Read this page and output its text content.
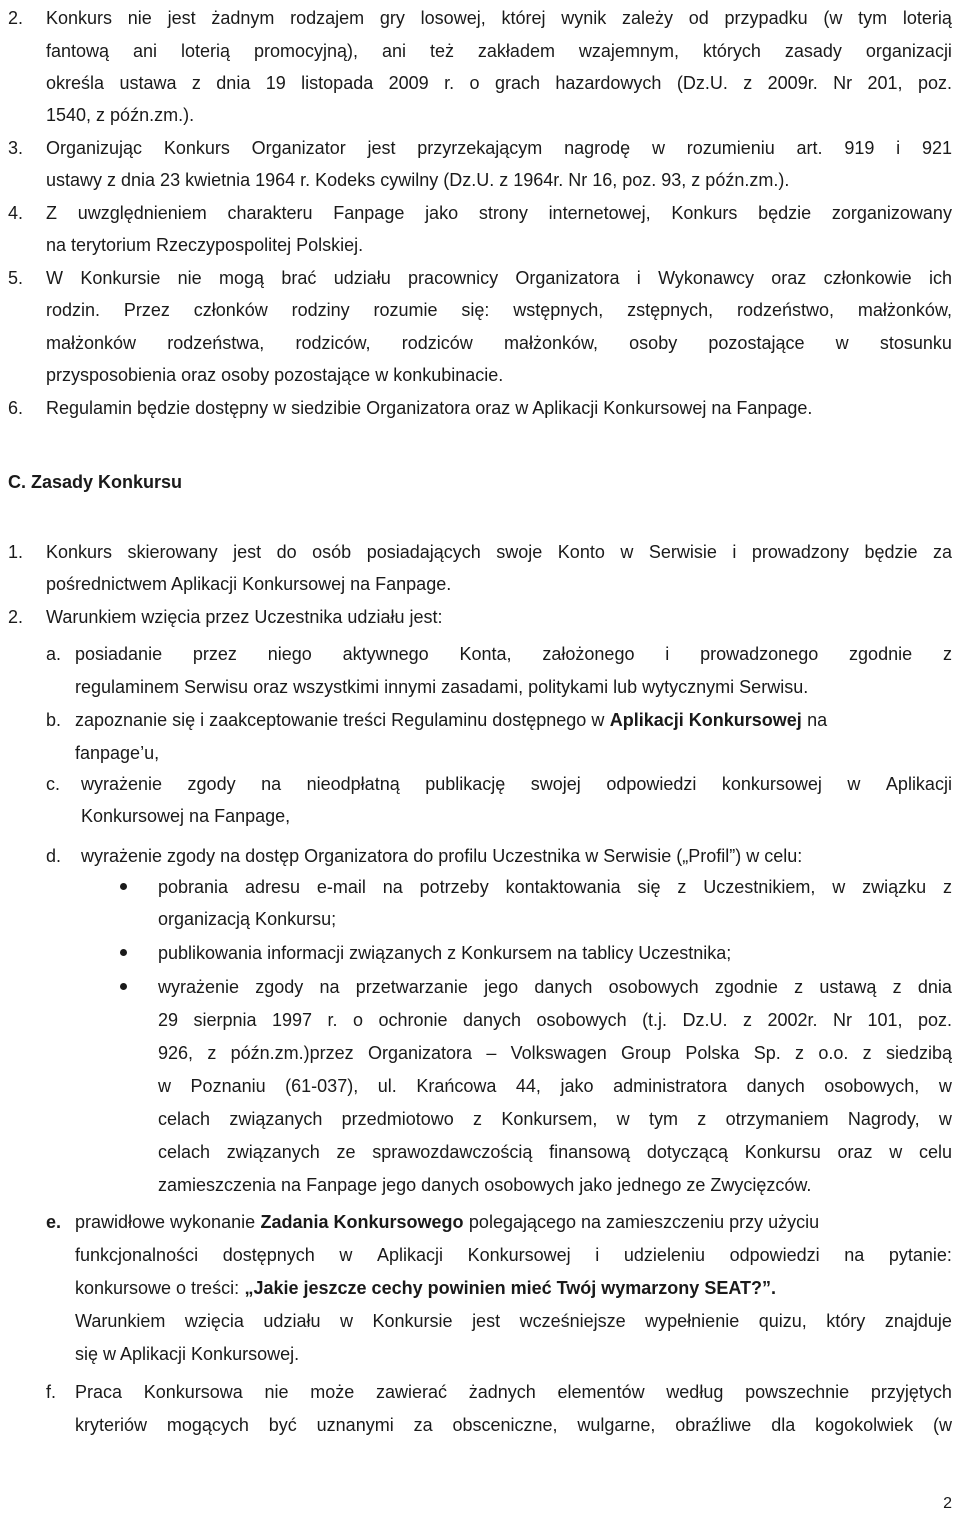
2. Konkurs nie jest żadnym rodzajem gry losowej, której wynik zależy od przypadku (w tym loterią
fantową ani loterią promocyjną), ani też zakładem wzajemnym, których zasady organizacji
określa ustawa z dnia 19 listopada 2009 r. o grach hazardowych (Dz.U. z 2009r. Nr 201, poz.
1540, z późn.zm.).
3. Organizując Konkurs Organizator jest przyrzekającym nagrodę w rozumieniu art. 919 i 921
ustawy z dnia 23 kwietnia 1964 r. Kodeks cywilny (Dz.U. z 1964r. Nr 16, poz. 93, z późn.zm.).
4. Z uwzględnieniem charakteru Fanpage jako strony internetowej, Konkurs będzie zorganizowany
na terytorium Rzeczypospolitej Polskiej.
5. W Konkursie nie mogą brać udziału pracownicy Organizatora i Wykonawcy oraz członkowie ich
rodzin. Przez członków rodziny rozumie się: wstępnych, zstępnych, rodzeństwo, małżonków,
małżonków rodzeństwa, rodziców, rodziców małżonków, osoby pozostające w stosunku
przysposobienia oraz osoby pozostające w konkubinacie.
6. Regulamin będzie dostępny w siedzibie Organizatora oraz w Aplikacji Konkursowej na Fanpage.
C. Zasady Konkursu
1. Konkurs skierowany jest do osób posiadających swoje Konto w Serwisie i prowadzony będzie za
pośrednictwem Aplikacji Konkursowej na Fanpage.
2. Warunkiem wzięcia przez Uczestnika udziału jest:
a. posiadanie przez niego aktywnego Konta, założonego i prowadzonego zgodnie z
regulaminem Serwisu oraz wszystkimi innymi zasadami, politykami lub wytycznymi Serwisu.
b. zapoznanie się i zaakceptowanie treści Regulaminu dostępnego w Aplikacji Konkursowej na
fanpage’u,
c. wyrażenie zgody na nieodpłatną publikację swojej odpowiedzi konkursowej w Aplikacji
Konkursowej na Fanpage,
d. wyrażenie zgody na dostęp Organizatora do profilu Uczestnika w Serwisie („Profil”) w celu:
pobrania adresu e-mail na potrzeby kontaktowania się z Uczestnikiem, w związku z
organizacją Konkursu;
publikowania informacji związanych z Konkursem na tablicy Uczestnika;
wyrażenie zgody na przetwarzanie jego danych osobowych zgodnie z ustawą z dnia
29 sierpnia 1997 r. o ochronie danych osobowych (t.j. Dz.U. z 2002r. Nr 101, poz.
926, z późn.zm.)przez Organizatora – Volkswagen Group Polska Sp. z o.o. z siedzibą
w Poznaniu (61-037), ul. Krańcowa 44, jako administratora danych osobowych, w
celach związanych przedmiotowo z Konkursem, w tym z otrzymaniem Nagrody, w
celach związanych ze sprawozdawczością finansową dotyczącą Konkursu oraz w celu
zamieszczenia na Fanpage jego danych osobowych jako jednego ze Zwycięzców.
e. prawidłowe wykonanie Zadania Konkursowego polegającego na zamieszczeniu przy użyciu
funkcjonalności dostępnych w Aplikacji Konkursowej i udzieleniu odpowiedzi na pytanie:
konkursowe o treści: „Jakie jeszcze cechy powinien mieć Twój wymarzony SEAT?”.
Warunkiem wzięcia udziału w Konkursie jest wcześniejsze wypełnienie quizu, który znajduje
się w Aplikacji Konkursowej.
f. Praca Konkursowa nie może zawierać żadnych elementów według powszechnie przyjętych
kryteriów mogących być uznanymi za obsceniczne, wulgarne, obraźliwe dla kogokolwiek (w
2
